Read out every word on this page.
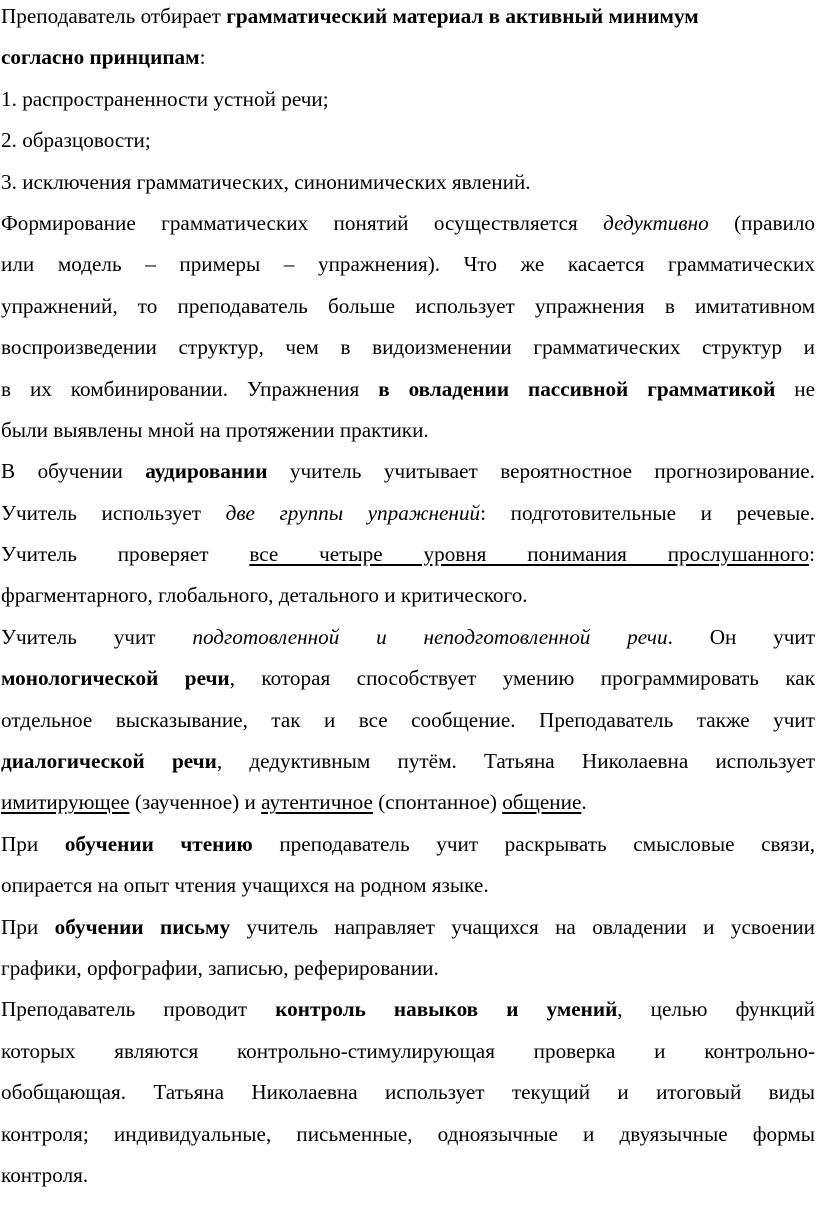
Преподаватель отбирает грамматический материал в активный минимум
согласно принципам:
1. распространенности устной речи;
2. образцовости;
3. исключения грамматических, синонимических явлений.
Формирование грамматических понятий осуществляется дедуктивно (правило
или модель – примеры – упражнения). Что же касается грамматических
упражнений, то преподаватель больше использует упражнения в имитативном
воспроизведении структур, чем в видоизменении грамматических структур и
в их комбинировании. Упражнения в овладении пассивной грамматикой не
были выявлены мной на протяжении практики.
В обучении аудировании учитель учитывает вероятностное прогнозирование.
Учитель использует две группы упражнений: подготовительные и речевые.
Учитель проверяет все четыре уровня понимания прослушанного:
фрагментарного, глобального, детального и критического.
Учитель учит подготовленной и неподготовленной речи. Он учит
монологической речи, которая способствует умению программировать как
отдельное высказывание, так и все сообщение. Преподаватель также учит
диалогической речи, дедуктивным путём. Татьяна Николаевна использует
имитирующее (заученное) и аутентичное (спонтанное) общение.
При обучении чтению преподаватель учит раскрывать смысловые связи,
опирается на опыт чтения учащихся на родном языке.
При обучении письму учитель направляет учащихся на овладении и усвоении
графики, орфографии, записью, реферировании.
Преподаватель проводит контроль навыков и умений, целью функций
которых являются контрольно-стимулирующая проверка и контрольно-
обобщающая. Татьяна Николаевна использует текущий и итоговый виды
контроля; индивидуальные, письменные, одноязычные и двуязычные формы
контроля.
